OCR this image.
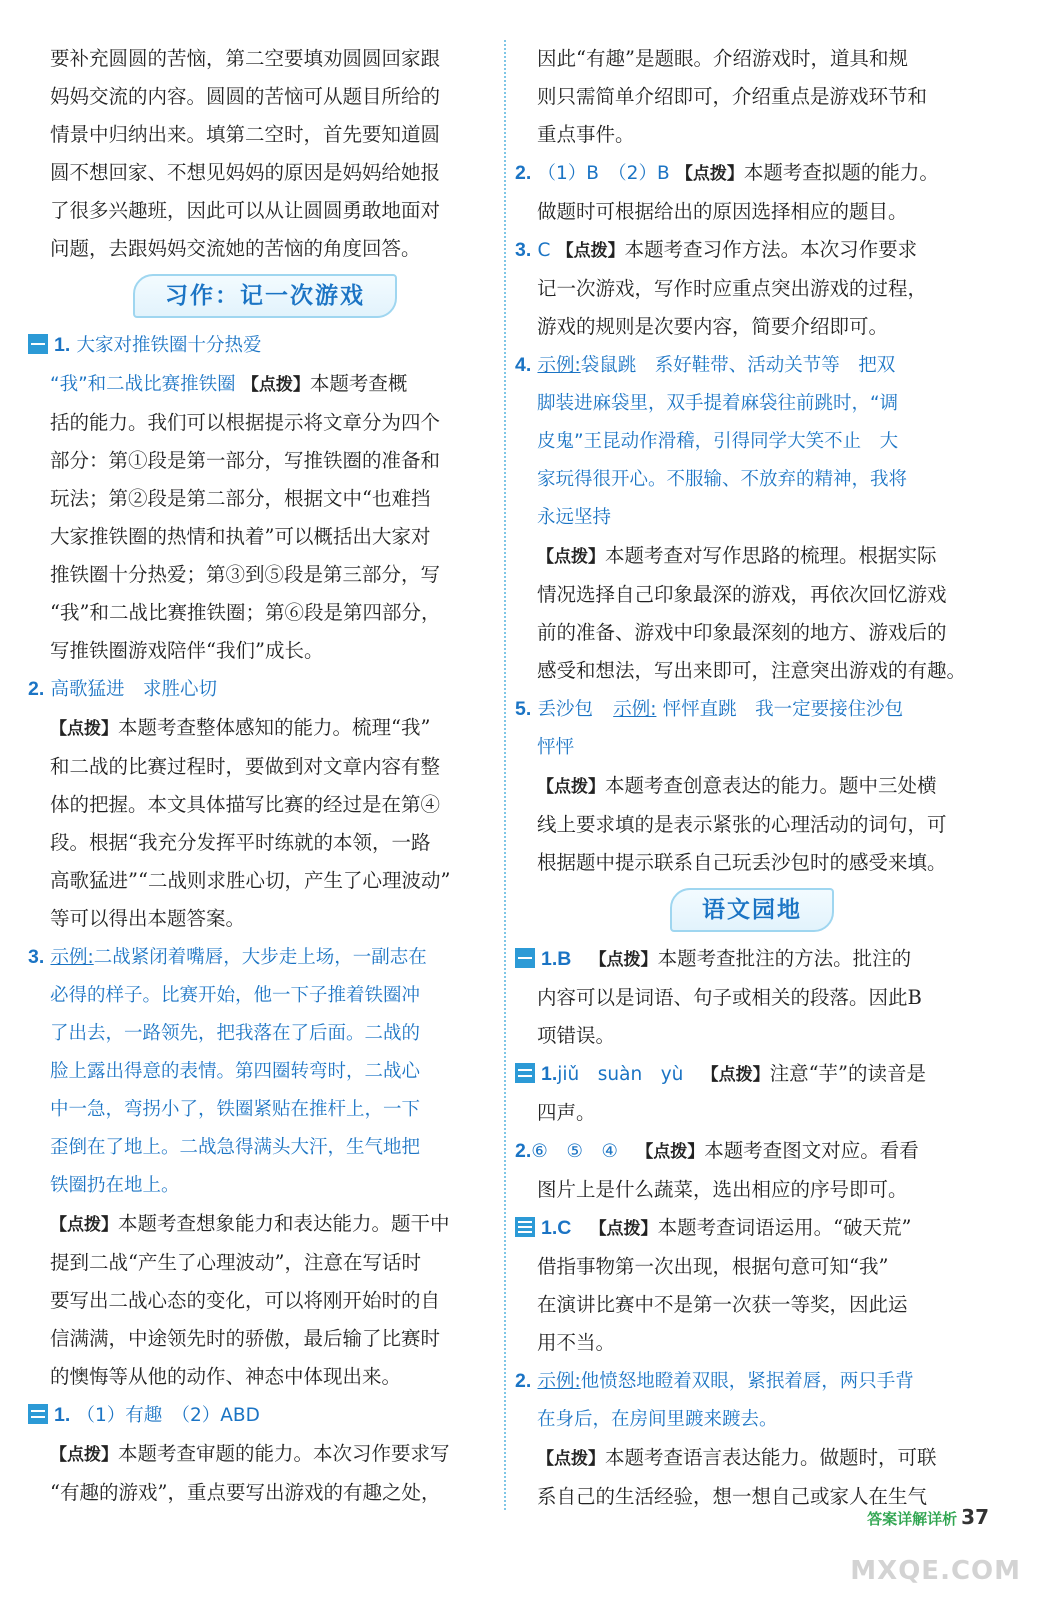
要补充圆圆的苦恼，第二空要填劝圆圆回家跟

妈妈交流的内容。圆圆的苦恼可从题目所给的

情景中归纳出来。填第二空时，首先要知道圆

圆不想回家、不想见妈妈的原因是妈妈给她报

了很多兴趣班，因此可以从让圆圆勇敢地面对

问题，去跟妈妈交流她的苦恼的角度回答。

习作：记一次游戏

1. 大家对推铁圈十分热爱

“我”和二战比赛推铁圈 【点拨】本题考查概

括的能力。我们可以根据提示将文章分为四个

部分：第①段是第一部分，写推铁圈的准备和

玩法；第②段是第二部分，根据文中“也难挡

大家推铁圈的热情和执着”可以概括出大家对

推铁圈十分热爱；第③到⑤段是第三部分，写

“我”和二战比赛推铁圈；第⑥段是第四部分，

写推铁圈游戏陪伴“我们”成长。

2. 高歌猛进　求胜心切

【点拨】本题考查整体感知的能力。梳理“我”

和二战的比赛过程时，要做到对文章内容有整

体的把握。本文具体描写比赛的经过是在第④

段。根据“我充分发挥平时练就的本领，一路

高歌猛进”“二战则求胜心切，产生了心理波动”

等可以得出本题答案。

3. 示例:二战紧闭着嘴唇，大步走上场，一副志在

必得的样子。比赛开始，他一下子推着铁圈冲

了出去，一路领先，把我落在了后面。二战的

脸上露出得意的表情。第四圈转弯时，二战心

中一急，弯拐小了，铁圈紧贴在推杆上，一下

歪倒在了地上。二战急得满头大汗，生气地把

铁圈扔在地上。

【点拨】本题考查想象能力和表达能力。题干中

提到二战“产生了心理波动”，注意在写话时

要写出二战心态的变化，可以将刚开始时的自

信满满，中途领先时的骄傲，最后输了比赛时

的懊悔等从他的动作、神态中体现出来。

1. （1）有趣　（2）ABD

【点拨】本题考查审题的能力。本次习作要求写

“有趣的游戏”，重点要写出游戏的有趣之处，

因此“有趣”是题眼。介绍游戏时，道具和规

则只需简单介绍即可，介绍重点是游戏环节和

重点事件。

2. （1）B　（2）B 【点拨】本题考查拟题的能力。

做题时可根据给出的原因选择相应的题目。

3. C 【点拨】本题考查习作方法。本次习作要求

记一次游戏，写作时应重点突出游戏的过程，

游戏的规则是次要内容，简要介绍即可。

4. 示例:袋鼠跳　系好鞋带、活动关节等　把双

脚装进麻袋里，双手提着麻袋往前跳时，“调

皮鬼”王昆动作滑稽，引得同学大笑不止　大

家玩得很开心。不服输、不放弃的精神，我将

永远坚持

【点拨】本题考查对写作思路的梳理。根据实际

情况选择自己印象最深的游戏，再依次回忆游戏

前的准备、游戏中印象最深刻的地方、游戏后的

感受和想法，写出来即可，注意突出游戏的有趣。

5. 丢沙包 示例: 怦怦直跳　我一定要接住沙包

怦怦

【点拨】本题考查创意表达的能力。题中三处横

线上要求填的是表示紧张的心理活动的词句，可

根据题中提示联系自己玩丢沙包时的感受来填。

语文园地

1.B 【点拨】本题考查批注的方法。批注的

内容可以是词语、句子或相关的段落。因此B

项错误。

1.jiǔ　suàn　yù 【点拨】注意“芋”的读音是

四声。

2.⑥　⑤　④ 【点拨】本题考查图文对应。看看

图片上是什么蔬菜，选出相应的序号即可。

1.C 【点拨】本题考查词语运用。“破天荒”

借指事物第一次出现，根据句意可知“我”

在演讲比赛中不是第一次获一等奖，因此运

用不当。

2. 示例:他愤怒地瞪着双眼，紧抿着唇，两只手背

在身后，在房间里踱来踱去。

【点拨】本题考查语言表达能力。做题时，可联

系自己的生活经验，想一想自己或家人在生气

答案详解详析 37
MXQE.COM
